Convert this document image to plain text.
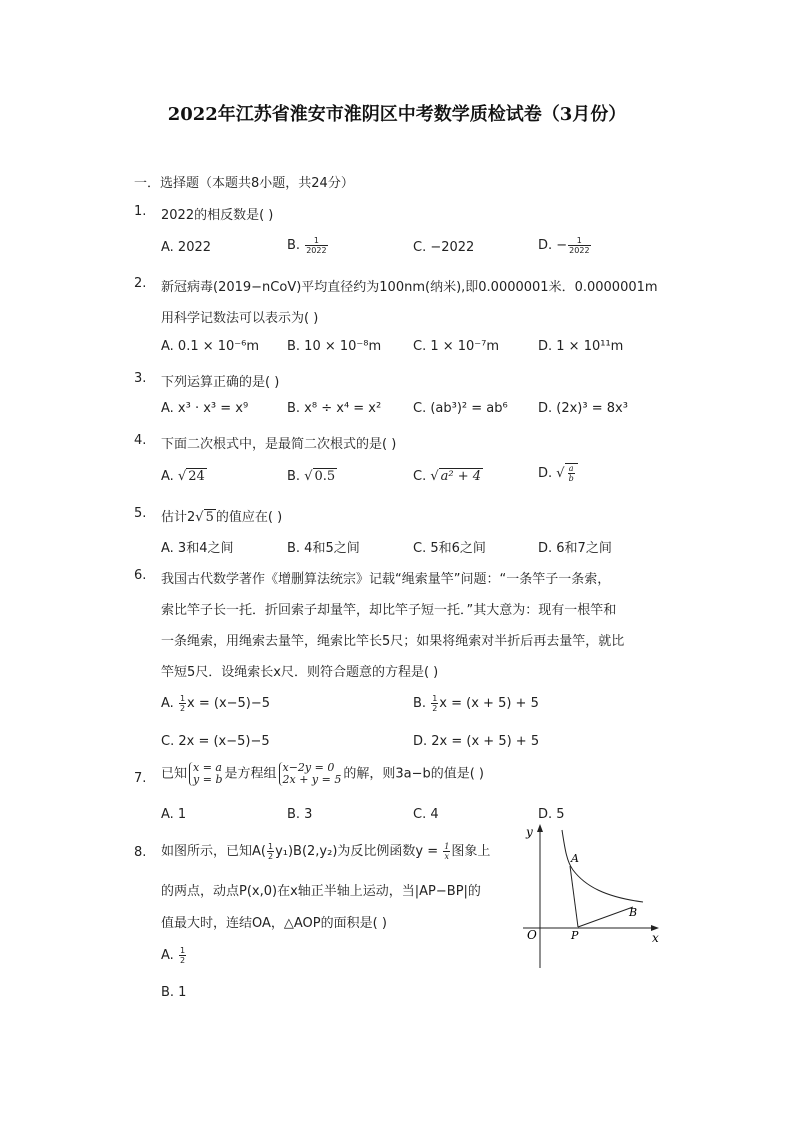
2022年江苏省淮安市淮阴区中考数学质检试卷（3月份）
一．选择题（本题共8小题，共24分）
1. 2022的相反数是( )
A. 2022	B. $\frac{1}{2022}$	C. −2022	D. − $\frac{1}{2022}$
2. 新冠病毒(2019−nCoV)平均直径约为100nm(纳米),即0.0000001米．0.0000001m
用科学记数法可以表示为( )
A. 0.1 × 10⁻⁶m B. 10 × 10⁻⁸m C. 1 × 10⁻⁷m	D. 1 × 10¹¹m
3. 下列运算正确的是( )
A. x³ · x³ = x⁹	B. x⁸ ÷ x⁴ = x² C. (ab³)² = ab⁶ D. (2x)³ = 8x³
4. 下面二次根式中，是最简二次根式的是( )
A. √ 24	B. √ 0.5	C. √ a² + 4	D. √ $\frac{a}{b}$
5. 估计2√ 5 的值应在( )
A. 3和4之间	B. 4和5之间	C. 5和6之间	D. 6和7之间
6. 我国古代数学著作《增删算法统宗》记载“绳索量竿”问题：“一条竿子一条索，
索比竿子长一托．折回索子却量竿，却比竿子短一托．”其大意为：现有一根竿和
一条绳索，用绳索去量竿，绳索比竿长5尺；如果将绳索对半折后再去量竿，就比
竿短5尺．设绳索长x尺．则符合题意的方程是( )
A. $\frac{1}{2}$ x = (x−5)−5	B. $\frac{1}{2}$ x = (x + 5) + 5
C. 2x = (x−5)−5	D. 2x = (x + 5) + 5
7. 已知 x = a
y = b 是方程组 x−2y = 0
2x + y = 5 的解，则3a−b的值是( )
A. 1	B. 3	C. 4	D. 5
8. 如图所示，已知$A( \frac{1}{2} y_1)B(2,y_2)$为反比例函数$y = \frac{1}{x}$ 图象上
的两点，动点P(x,0)在x轴正半轴上运动，当|AP−BP|的
值最大时，连结OA，△AOP的面积是( )
A. $\frac{1}{2}$
B. 1
y
x
O
A
B
P
